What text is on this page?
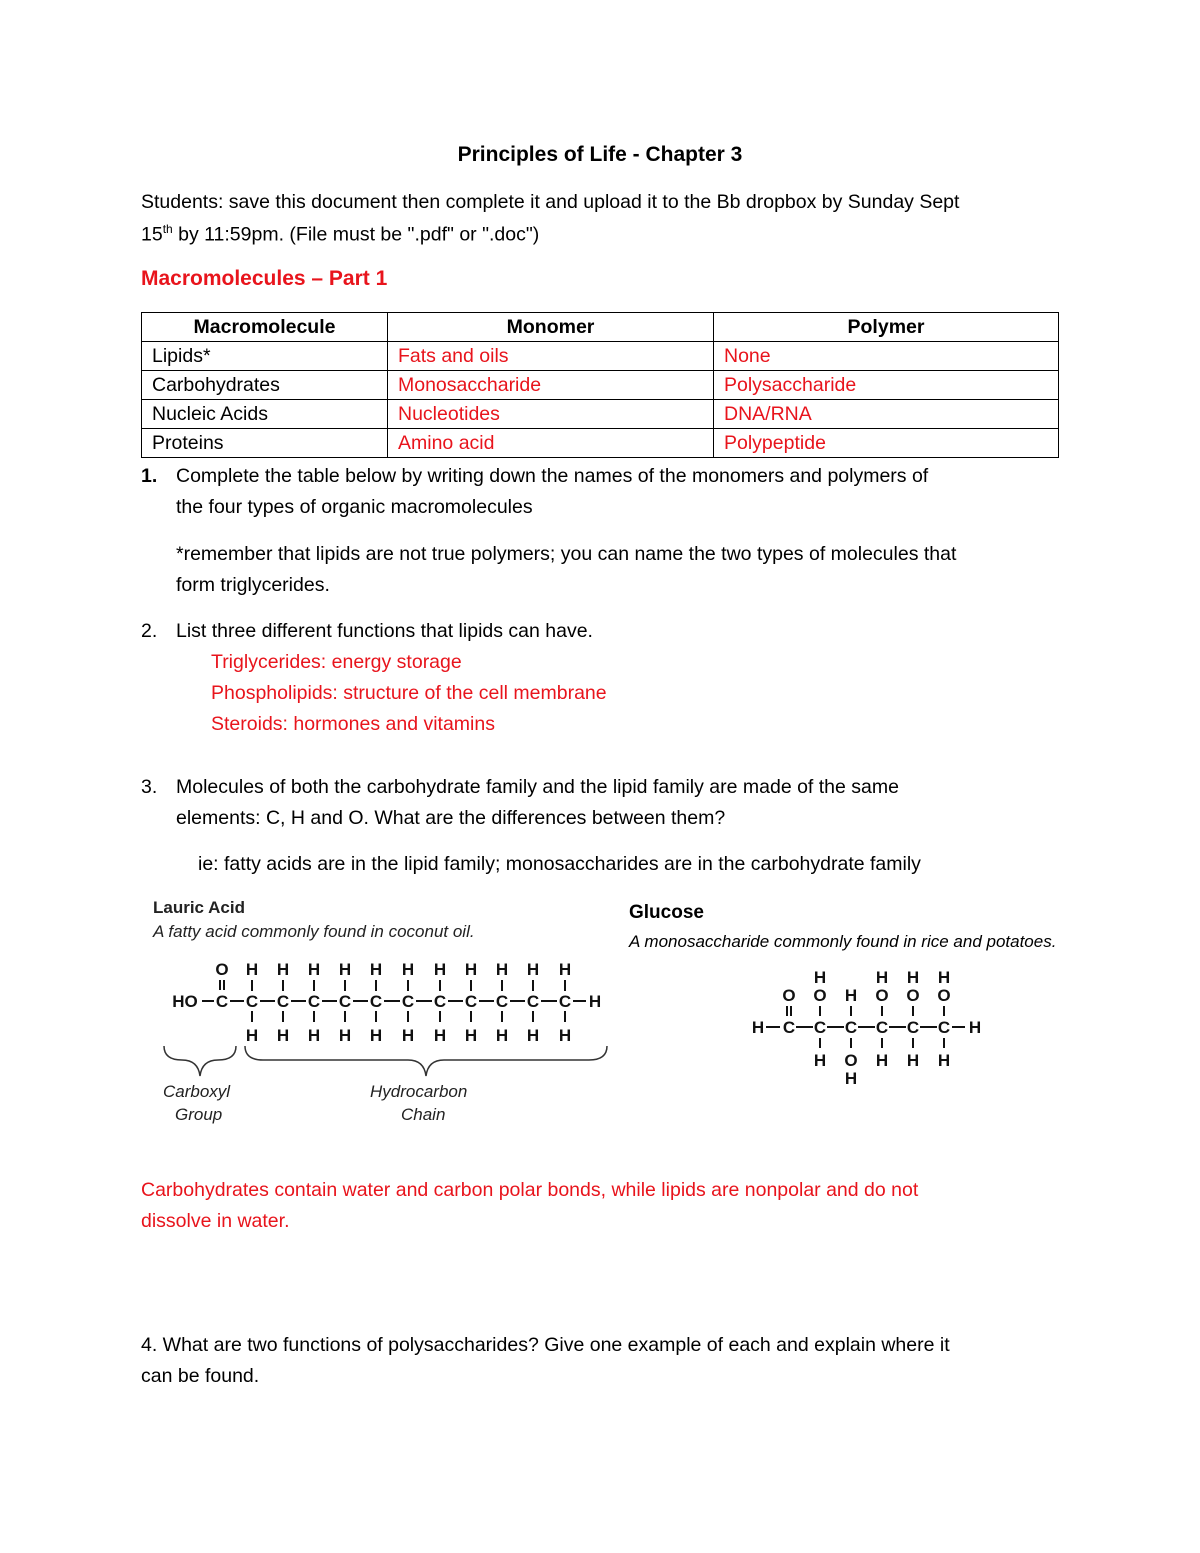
Principles of Life - Chapter 3
Students: save this document then complete it and upload it to the Bb dropbox by Sunday Sept
15th by 11:59pm. (File must be ".pdf" or ".doc")
Macromolecules – Part 1
Macromolecule	Monomer	Polymer
Lipids*	Fats and oils	None
Carbohydrates	Monosaccharide	Polysaccharide
Nucleic Acids	Nucleotides	DNA/RNA
Proteins	Amino acid	Polypeptide
1. Complete the table below by writing down the names of the monomers and polymers of
the four types of organic macromolecules
*remember that lipids are not true polymers; you can name the two types of molecules that
form triglycerides.
2. List three different functions that lipids can have.
Triglycerides: energy storage
Phospholipids: structure of the cell membrane
Steroids: hormones and vitamins
3. Molecules of both the carbohydrate family and the lipid family are made of the same
elements: C, H and O. What are the differences between them?
ie: fatty acids are in the lipid family; monosaccharides are in the carbohydrate family
Lauric Acid
A fatty acid commonly found in coconut oil.
HO C
O
C
H
H
C
H
H
C
H
H
C
H
H
C
H
H
C
H
H
C
H
H
C
H
H
C
H
H
C
H
H
C
H
H
H
H C C C C C C H
O O
H
H
O
H
H
O
H
H
O
H
H
H
O
H
Carboxyl
Group
Hydrocarbon
Chain
Glucose
A monosaccharide commonly found in rice and potatoes.
Carbohydrates contain water and carbon polar bonds, while lipids are nonpolar and do not
dissolve in water.
4. What are two functions of polysaccharides? Give one example of each and explain where it
can be found.
